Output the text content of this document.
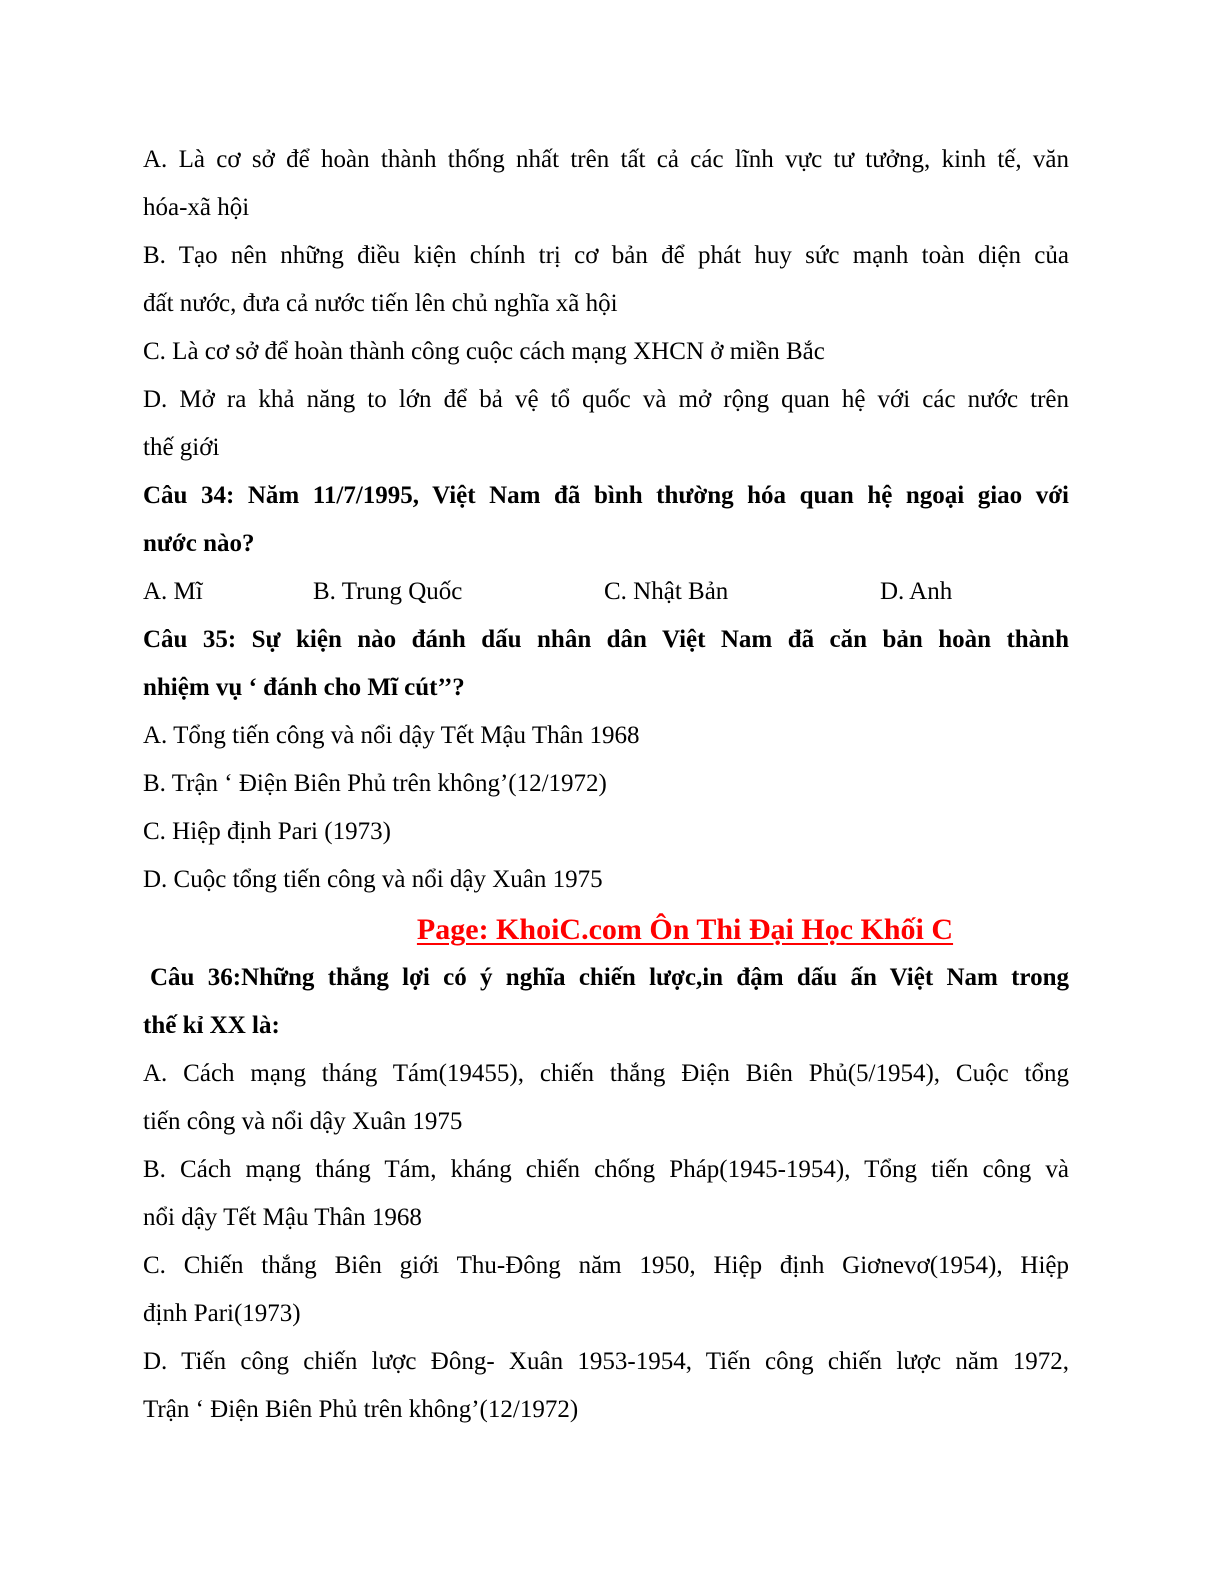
A. Là cơ sở để hoàn thành thống nhất trên tất cả các lĩnh vực tư tưởng, kinh tế, văn
hóa-xã hội
B. Tạo nên những điều kiện chính trị cơ bản để phát huy sức mạnh toàn diện của
đất nước, đưa cả nước tiến lên chủ nghĩa xã hội
C. Là cơ sở để hoàn thành công cuộc cách mạng XHCN ở miền Bắc
D. Mở ra khả năng to lớn để bả vệ tổ quốc và mở rộng quan hệ với các nước trên
thế giới
Câu 34: Năm 11/7/1995, Việt Nam đã bình thường hóa quan hệ ngoại giao với
nước nào?
A. Mĩ	B. Trung Quốc	C. Nhật Bản	D. Anh
Câu 35: Sự kiện nào đánh dấu nhân dân Việt Nam đã căn bản hoàn thành
nhiệm vụ ‘ đánh cho Mĩ cút’’?
A. Tổng tiến công và nổi dậy Tết Mậu Thân 1968
B. Trận ‘ Điện Biên Phủ trên không’(12/1972)
C. Hiệp định Pari (1973)
D. Cuộc tổng tiến công và nổi dậy Xuân 1975
Page: KhoiC.com Ôn Thi Đại Học Khối C
Câu 36:Những thắng lợi có ý nghĩa chiến lược,in đậm dấu ấn Việt Nam trong
thế kỉ XX là:
A. Cách mạng tháng Tám(19455), chiến thắng Điện Biên Phủ(5/1954), Cuộc tổng
tiến công và nổi dậy Xuân 1975
B. Cách mạng tháng Tám, kháng chiến chống Pháp(1945-1954), Tổng tiến công và
nổi dậy Tết Mậu Thân 1968
C. Chiến thắng Biên giới Thu-Đông năm 1950, Hiệp định Giơnevơ(1954), Hiệp
định Pari(1973)
D. Tiến công chiến lược Đông- Xuân 1953-1954, Tiến công chiến lược năm 1972,
Trận ‘ Điện Biên Phủ trên không’(12/1972)
